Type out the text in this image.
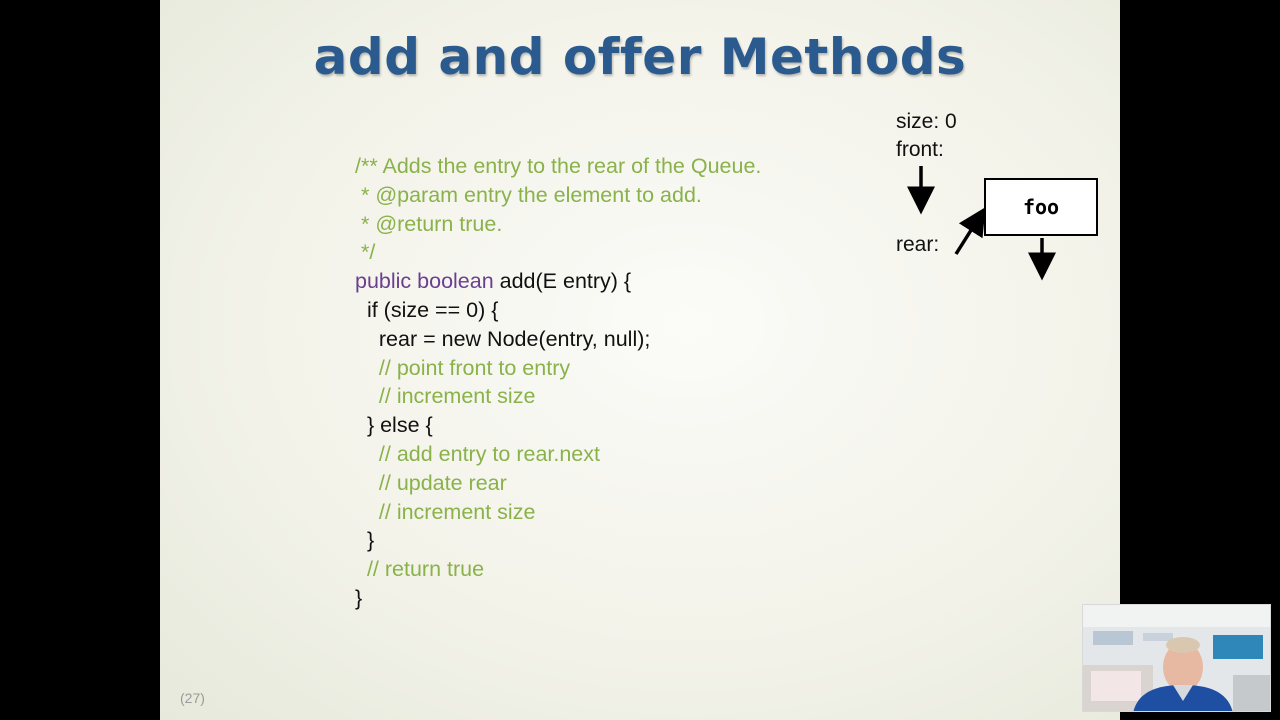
add and offer Methods
/** Adds the entry to the rear of the Queue.
* @param entry the element to add.
* @return true.
*/
public boolean add(E entry) {
if (size == 0) {
rear = new Node(entry, null);
// point front to entry
// increment size
} else {
// add entry to rear.next
// update rear
// increment size
}
// return true
}
size: 0
front:
rear:
foo
(27)
